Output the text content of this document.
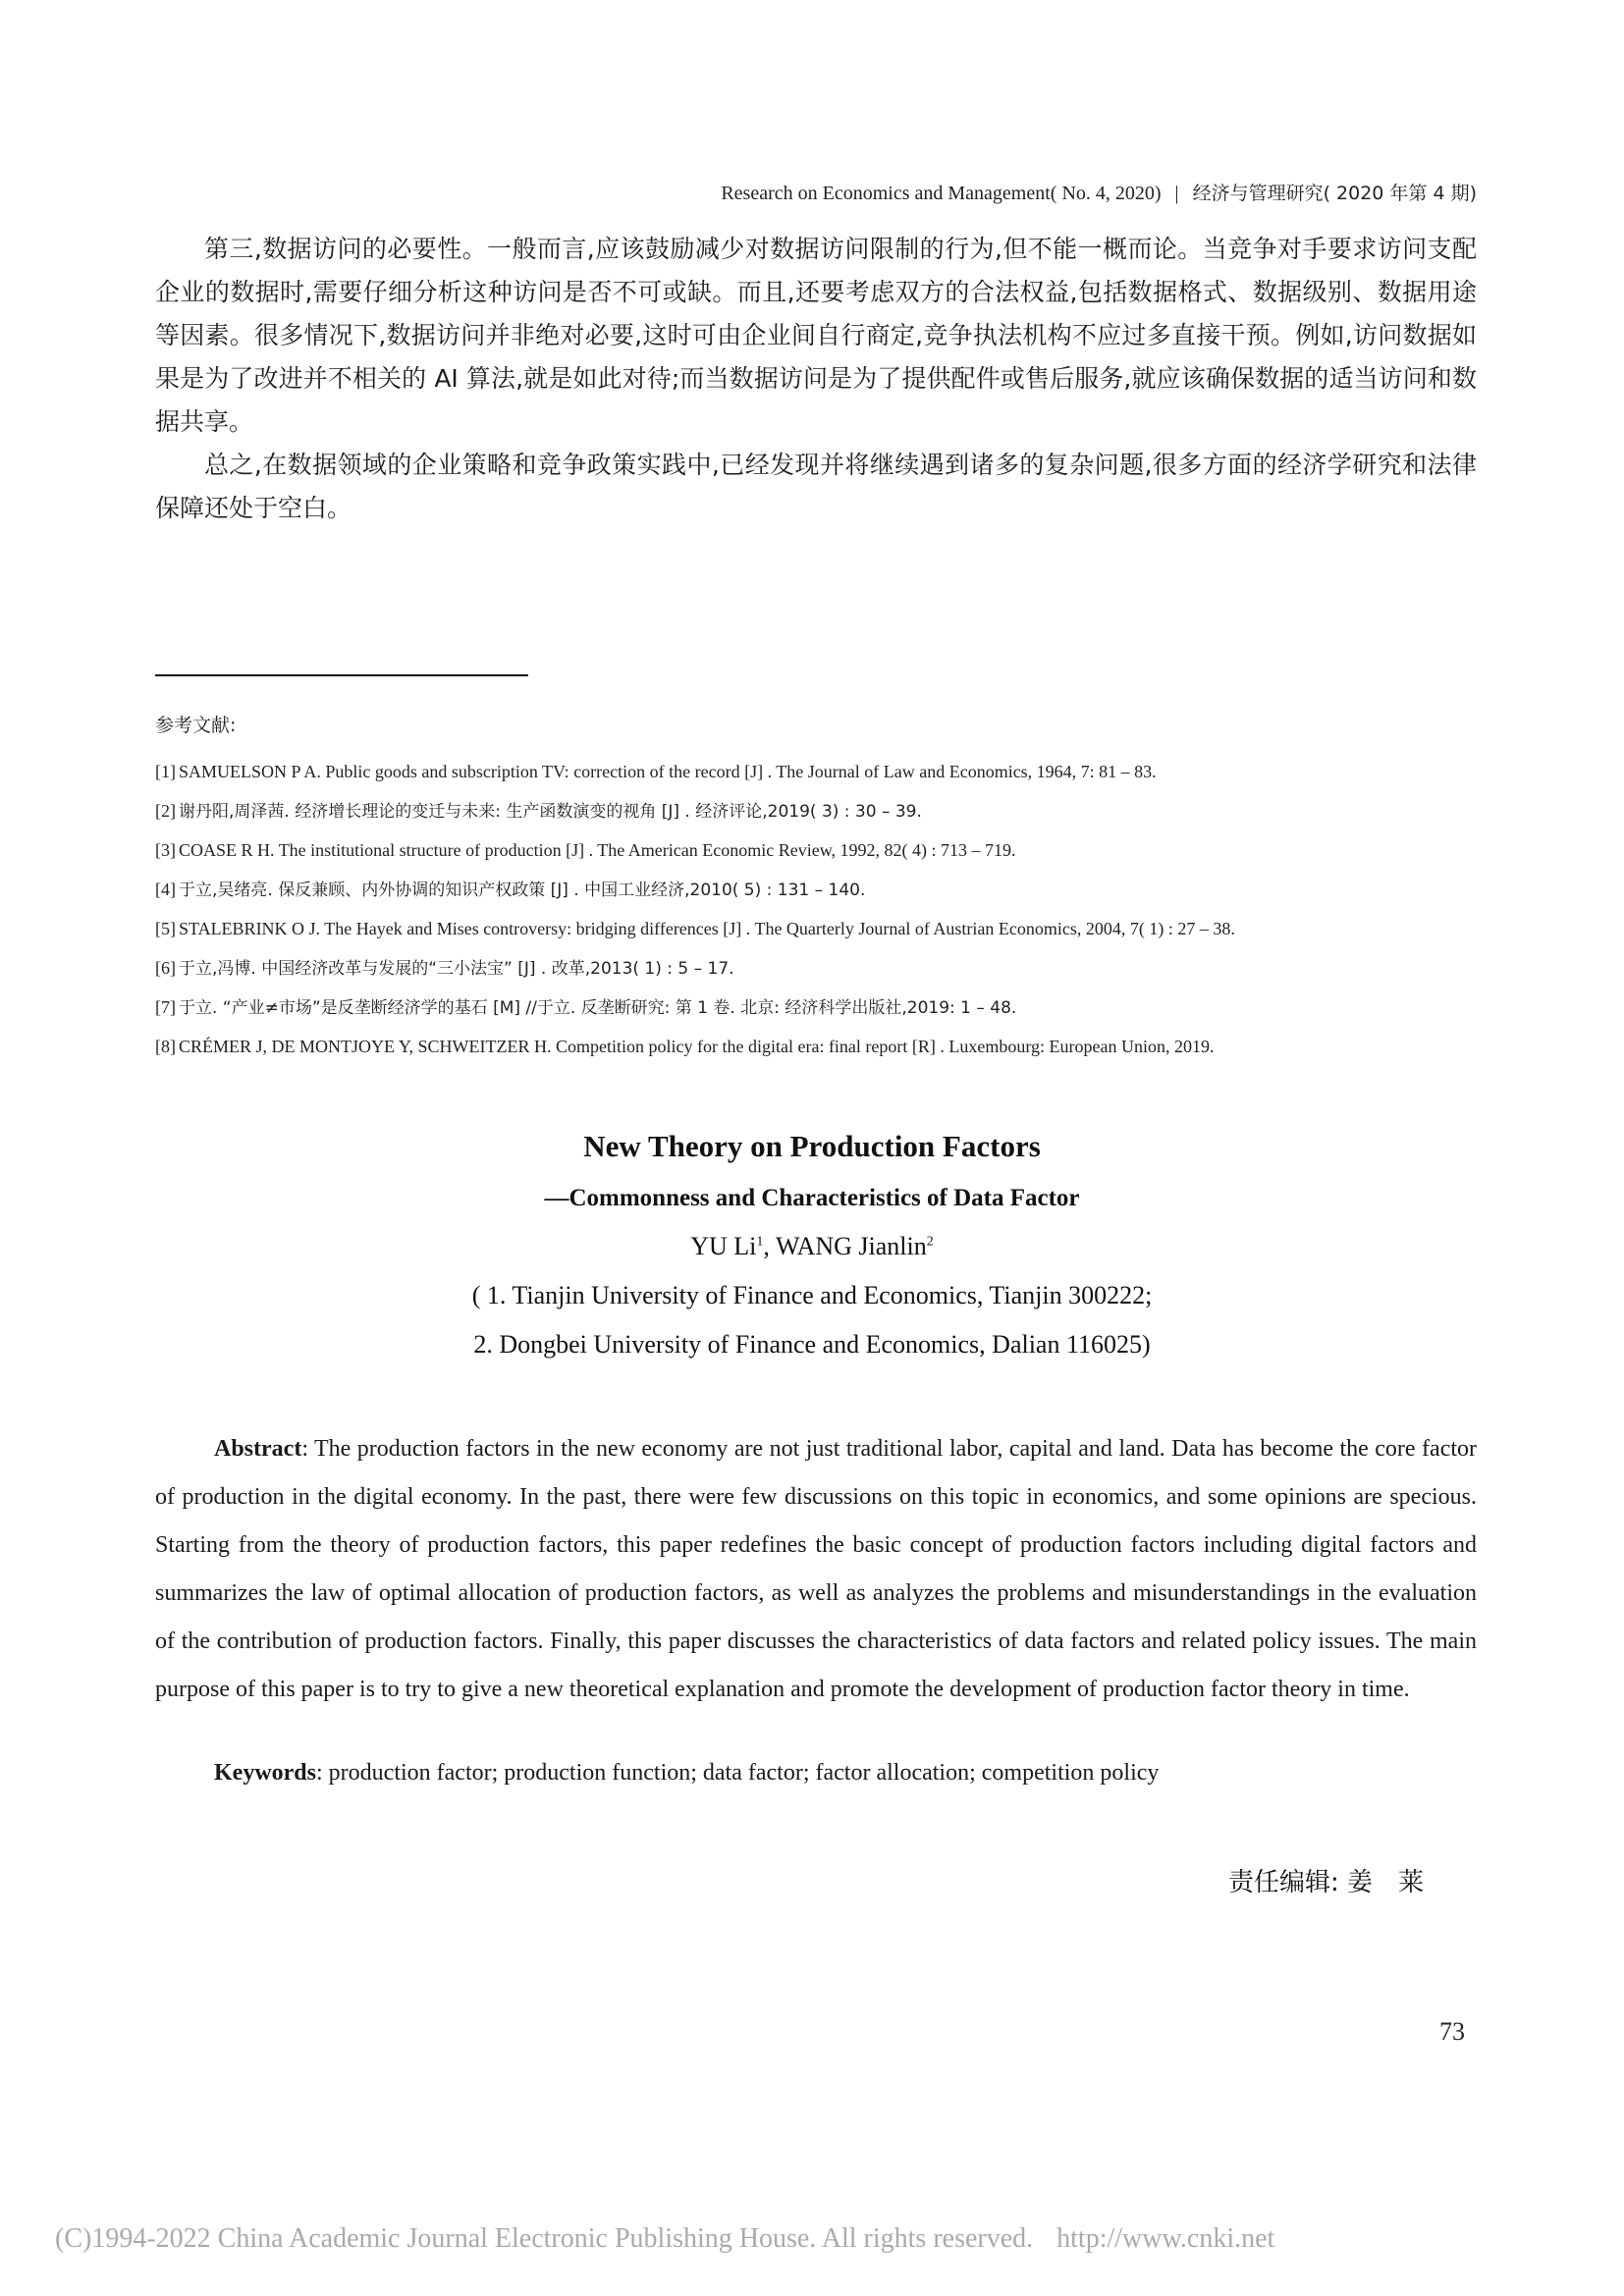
Research on Economics and Management( No. 4, 2020) | 经济与管理研究( 2020 年第 4 期)

第三,数据访问的必要性。一般而言,应该鼓励减少对数据访问限制的行为,但不能一概而论。当竞争对手要求访问支配企业的数据时,需要仔细分析这种访问是否不可或缺。而且,还要考虑双方的合法权益,包括数据格式、数据级别、数据用途等因素。很多情况下,数据访问并非绝对必要,这时可由企业间自行商定,竞争执法机构不应过多直接干预。例如,访问数据如果是为了改进并不相关的 AI 算法,就是如此对待;而当数据访问是为了提供配件或售后服务,就应该确保数据的适当访问和数据共享。

总之,在数据领域的企业策略和竞争政策实践中,已经发现并将继续遇到诸多的复杂问题,很多方面的经济学研究和法律保障还处于空白。

参考文献:
[1] SAMUELSON P A. Public goods and subscription TV: correction of the record [J] . The Journal of Law and Economics, 1964, 7: 81 – 83.
[2] 谢丹阳,周泽茜. 经济增长理论的变迁与未来: 生产函数演变的视角 [J] . 经济评论,2019( 3) : 30 – 39.
[3] COASE R H. The institutional structure of production [J] . The American Economic Review, 1992, 82( 4) : 713 – 719.
[4] 于立,吴绪亮. 保反兼顾、内外协调的知识产权政策 [J] . 中国工业经济,2010( 5) : 131 – 140.
[5] STALEBRINK O J. The Hayek and Mises controversy: bridging differences [J] . The Quarterly Journal of Austrian Economics, 2004, 7( 1) : 27 – 38.
[6] 于立,冯博. 中国经济改革与发展的“三小法宝” [J] . 改革,2013( 1) : 5 – 17.
[7] 于立. “产业≠市场”是反垄断经济学的基石 [M] //于立. 反垄断研究: 第 1 卷. 北京: 经济科学出版社,2019: 1 – 48.
[8] CRÉMER J, DE MONTJOYE Y, SCHWEITZER H. Competition policy for the digital era: final report [R] . Luxembourg: European Union, 2019.
New Theory on Production Factors
—Commonness and Characteristics of Data Factor
YU Li$^1$, WANG Jianlin$^2$
( 1. Tianjin University of Finance and Economics, Tianjin 300222;
2. Dongbei University of Finance and Economics, Dalian 116025)
Abstract: The production factors in the new economy are not just traditional labor, capital and land. Data has become the core factor of production in the digital economy. In the past, there were few discussions on this topic in economics, and some opinions are specious. Starting from the theory of production factors, this paper redefines the basic concept of production factors including digital factors and summarizes the law of optimal allocation of production factors, as well as analyzes the problems and misunderstandings in the evaluation of the contribution of production factors. Finally, this paper discusses the characteristics of data factors and related policy issues. The main purpose of this paper is to try to give a new theoretical explanation and promote the development of production factor theory in time.
Keywords: production factor; production function; data factor; factor allocation; competition policy
责任编辑: 姜　莱
73
(C)1994-2022 China Academic Journal Electronic Publishing House. All rights reserved. http://www.cnki.net
